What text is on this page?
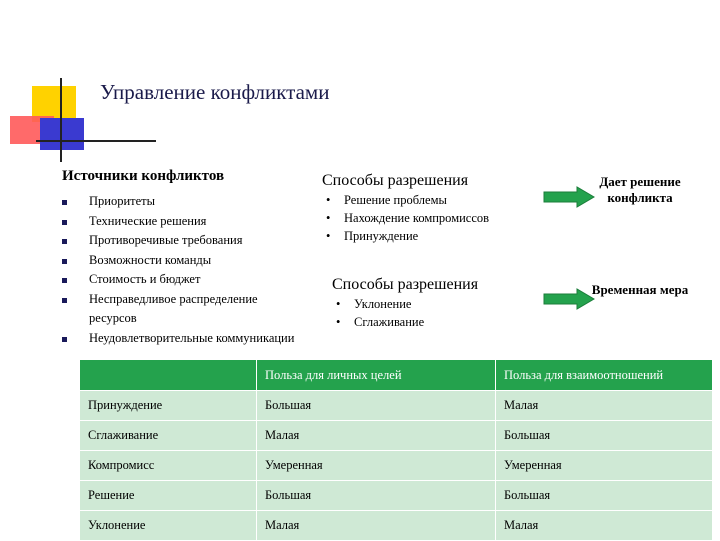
Управление конфликтами
Источники конфликтов
Приоритеты
Технические решения
Противоречивые требования
Возможности команды
Стоимость и бюджет
Несправедливое распределение ресурсов
Неудовлетворительные коммуникации
Способы разрешения
• Решение проблемы
• Нахождение компромиссов
• Принуждение
Дает решение конфликта
Способы разрешения
• Уклонение
• Сглаживание
Временная мера
	Польза для личных целей	Польза для взаимоотношений
Принуждение	Большая	Малая
Сглаживание	Малая	Большая
Компромисс	Умеренная	Умеренная
Решение	Большая	Большая
Уклонение	Малая	Малая
